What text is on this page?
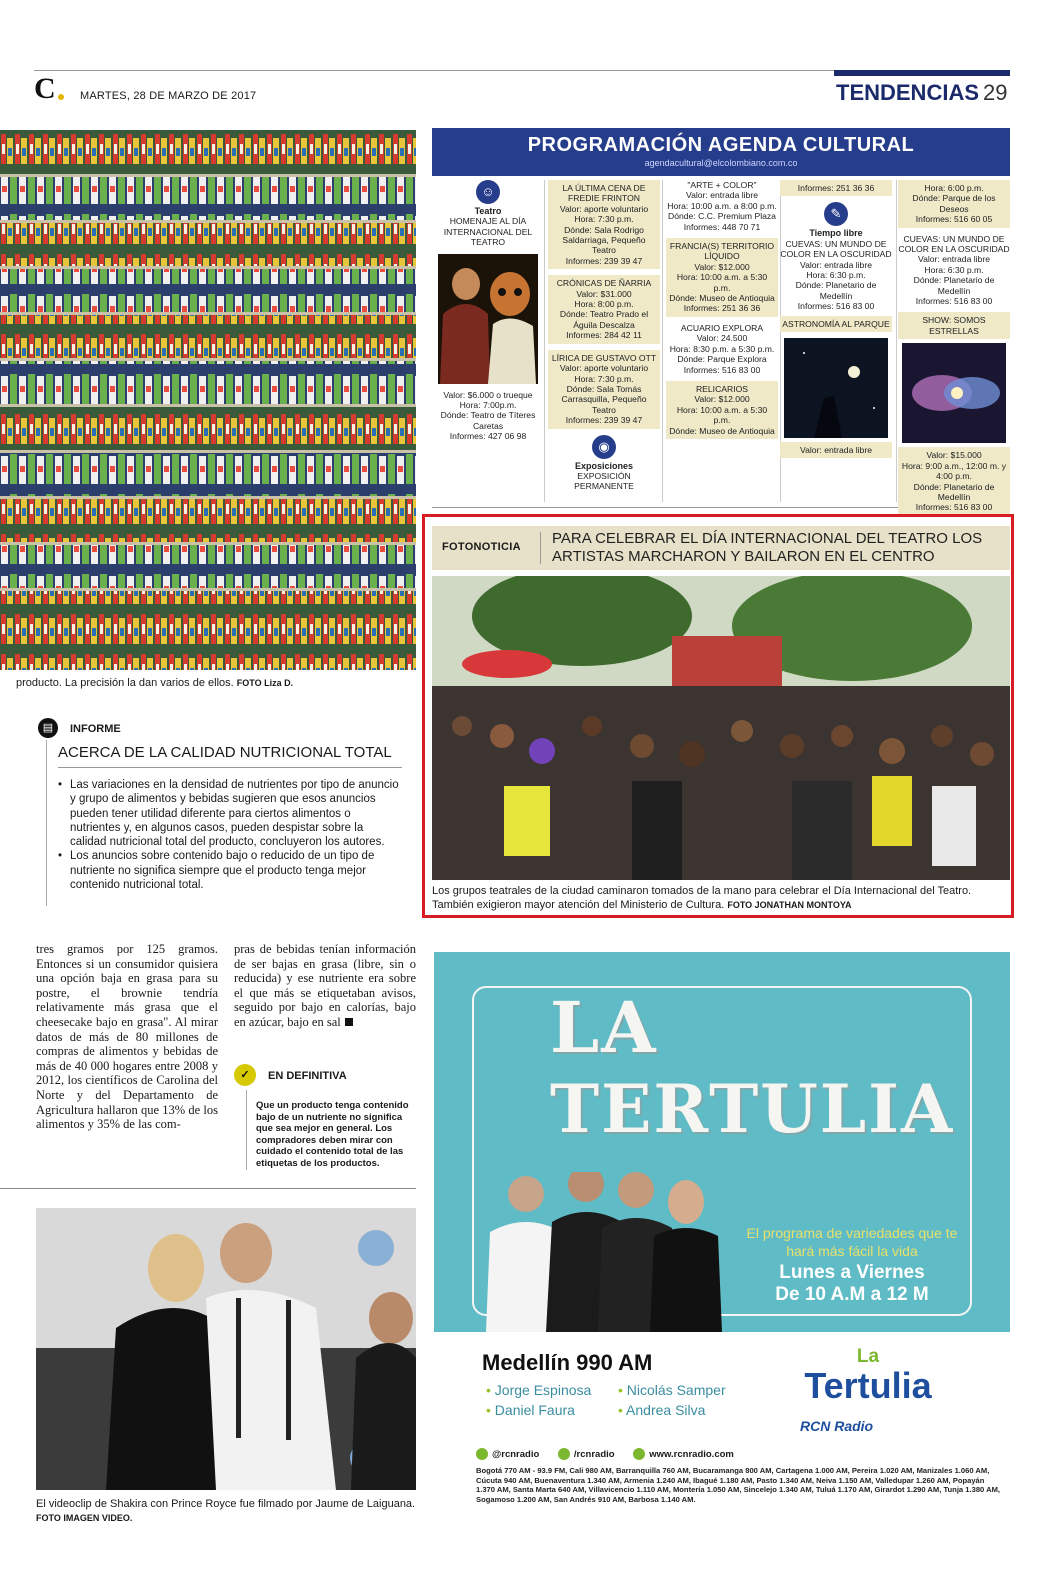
C MARTES, 28 DE MARZO DE 2017	TENDENCIAS 29
producto. La precisión la dan varios de ellos. FOTO Liza D.
▤	INFORME
ACERCA DE LA CALIDAD NUTRICIONAL TOTAL
• Las variaciones en la densidad de nutrientes por tipo de anuncio y grupo de alimentos y bebidas sugieren que esos anuncios pueden tener utilidad diferente para ciertos alimentos o nutrientes y, en algunos casos, pueden despistar sobre la calidad nutricional total del producto, concluyeron los autores.
• Los anuncios sobre contenido bajo o reducido de un tipo de nutriente no significa siempre que el producto tenga mejor contenido nutricional total.
tres gramos por 125 gramos. Entonces si un consumidor quisiera una opción baja en grasa para su postre, el brownie tendría relativamente más grasa que el cheesecake bajo en grasa". Al mirar datos de más de 80 millones de compras de alimentos y bebidas de más de 40 000 hogares entre 2008 y 2012, los científicos de Carolina del Norte y del Departamento de Agricultura hallaron que 13% de los alimentos y 35% de las com-
pras de bebidas tenían información de ser bajas en grasa (libre, sin o reducida) y ese nutriente era sobre el que más se etiquetaban avisos, seguido por bajo en calorías, bajo en azúcar, bajo en sal
✓	EN DEFINITIVA
Que un producto tenga contenido bajo de un nutriente no significa que sea mejor en general. Los compradores deben mirar con cuidado el contenido total de las etiquetas de los productos.
El videoclip de Shakira con Prince Royce fue filmado por Jaume de Laiguana. FOTO IMAGEN VIDEO.
PROGRAMACIÓN AGENDA CULTURAL
agendacultural@elcolombiano.com.co
☺
Teatro
HOMENAJE AL DÍA INTERNACIONAL DEL TEATRO
Valor: $6.000 o trueque
Hora: 7:00p.m.
Dónde: Teatro de Títeres Caretas
Informes: 427 06 98
LA ÚLTIMA CENA DE FREDIE FRINTON
Valor: aporte voluntario
Hora: 7:30 p.m.
Dónde: Sala Rodrigo Saldarriaga, Pequeño Teatro
Informes: 239 39 47
CRÓNICAS DE ÑARRIA
Valor: $31.000
Hora: 8:00 p.m.
Dónde: Teatro Prado el Águila Descalza
Informes: 284 42 11
LÍRICA DE GUSTAVO OTT
Valor: aporte voluntario
Hora: 7:30 p.m.
Dónde: Sala Tomás Carrasquilla, Pequeño Teatro
Informes: 239 39 47
◉
Exposiciones
EXPOSICIÓN PERMANENTE
"ARTE + COLOR"
Valor: entrada libre
Hora: 10:00 a.m. a 8:00 p.m.
Dónde: C.C. Premium Plaza
Informes: 448 70 71
FRANCIA(S) TERRITORIO LÍQUIDO
Valor: $12.000
Hora: 10:00 a.m. a 5:30 p.m.
Dónde: Museo de Antioquia
Informes: 251 36 36
ACUARIO EXPLORA
Valor: 24.500
Hora: 8:30 p.m. a 5:30 p.m.
Dónde: Parque Explora
Informes: 516 83 00
RELICARIOS
Valor: $12.000
Hora: 10:00 a.m. a 5:30 p.m.
Dónde: Museo de Antioquia
Informes: 251 36 36
✎
Tiempo libre
CUEVAS: UN MUNDO DE COLOR EN LA OSCURIDAD
Valor: entrada libre
Hora: 6:30 p.m.
Dónde: Planetario de Medellín
Informes: 516 83 00
ASTRONOMÍA AL PARQUE
Valor: entrada libre
Hora: 6:00 p.m.
Dónde: Parque de los Deseos
Informes: 516 60 05
CUEVAS: UN MUNDO DE COLOR EN LA OSCURIDAD
Valor: entrada libre
Hora: 6:30 p.m.
Dónde: Planetario de Medellín
Informes: 516 83 00
SHOW: SOMOS ESTRELLAS
Valor: $15.000
Hora: 9:00 a.m., 12:00 m. y 4:00 p.m.
Dónde: Planetario de Medellín
Informes: 516 83 00
FOTONOTICIA PARA CELEBRAR EL DÍA INTERNACIONAL DEL TEATRO LOS ARTISTAS MARCHARON Y BAILARON EN EL CENTRO
Los grupos teatrales de la ciudad caminaron tomados de la mano para celebrar el Día Internacional del Teatro. También exigieron mayor atención del Ministerio de Cultura. FOTO JONATHAN MONTOYA
LA
TERTULIA
El programa de variedades que te hará más fácil la vida
Lunes a Viernes
De 10 A.M a 12 M
Medellín 990 AM
• Jorge Espinosa	• Nicolás Samper
• Daniel Faura	• Andrea Silva
La
Tertulia
RCN Radio
@rcnradio	/rcnradio	www.rcnradio.com
Bogotá 770 AM - 93.9 FM, Cali 980 AM, Barranquilla 760 AM, Bucaramanga 800 AM, Cartagena 1.000 AM, Pereira 1.020 AM, Manizales 1.060 AM, Cúcuta 940 AM, Buenaventura 1.340 AM, Armenia 1.240 AM, Ibagué 1.180 AM, Pasto 1.340 AM, Neiva 1.150 AM, Valledupar 1.260 AM, Popayán 1.370 AM, Santa Marta 640 AM, Villavicencio 1.110 AM, Montería 1.050 AM, Sincelejo 1.340 AM, Tuluá 1.170 AM, Girardot 1.290 AM, Tunja 1.380 AM, Sogamoso 1.200 AM, San Andrés 910 AM, Barbosa 1.140 AM.
